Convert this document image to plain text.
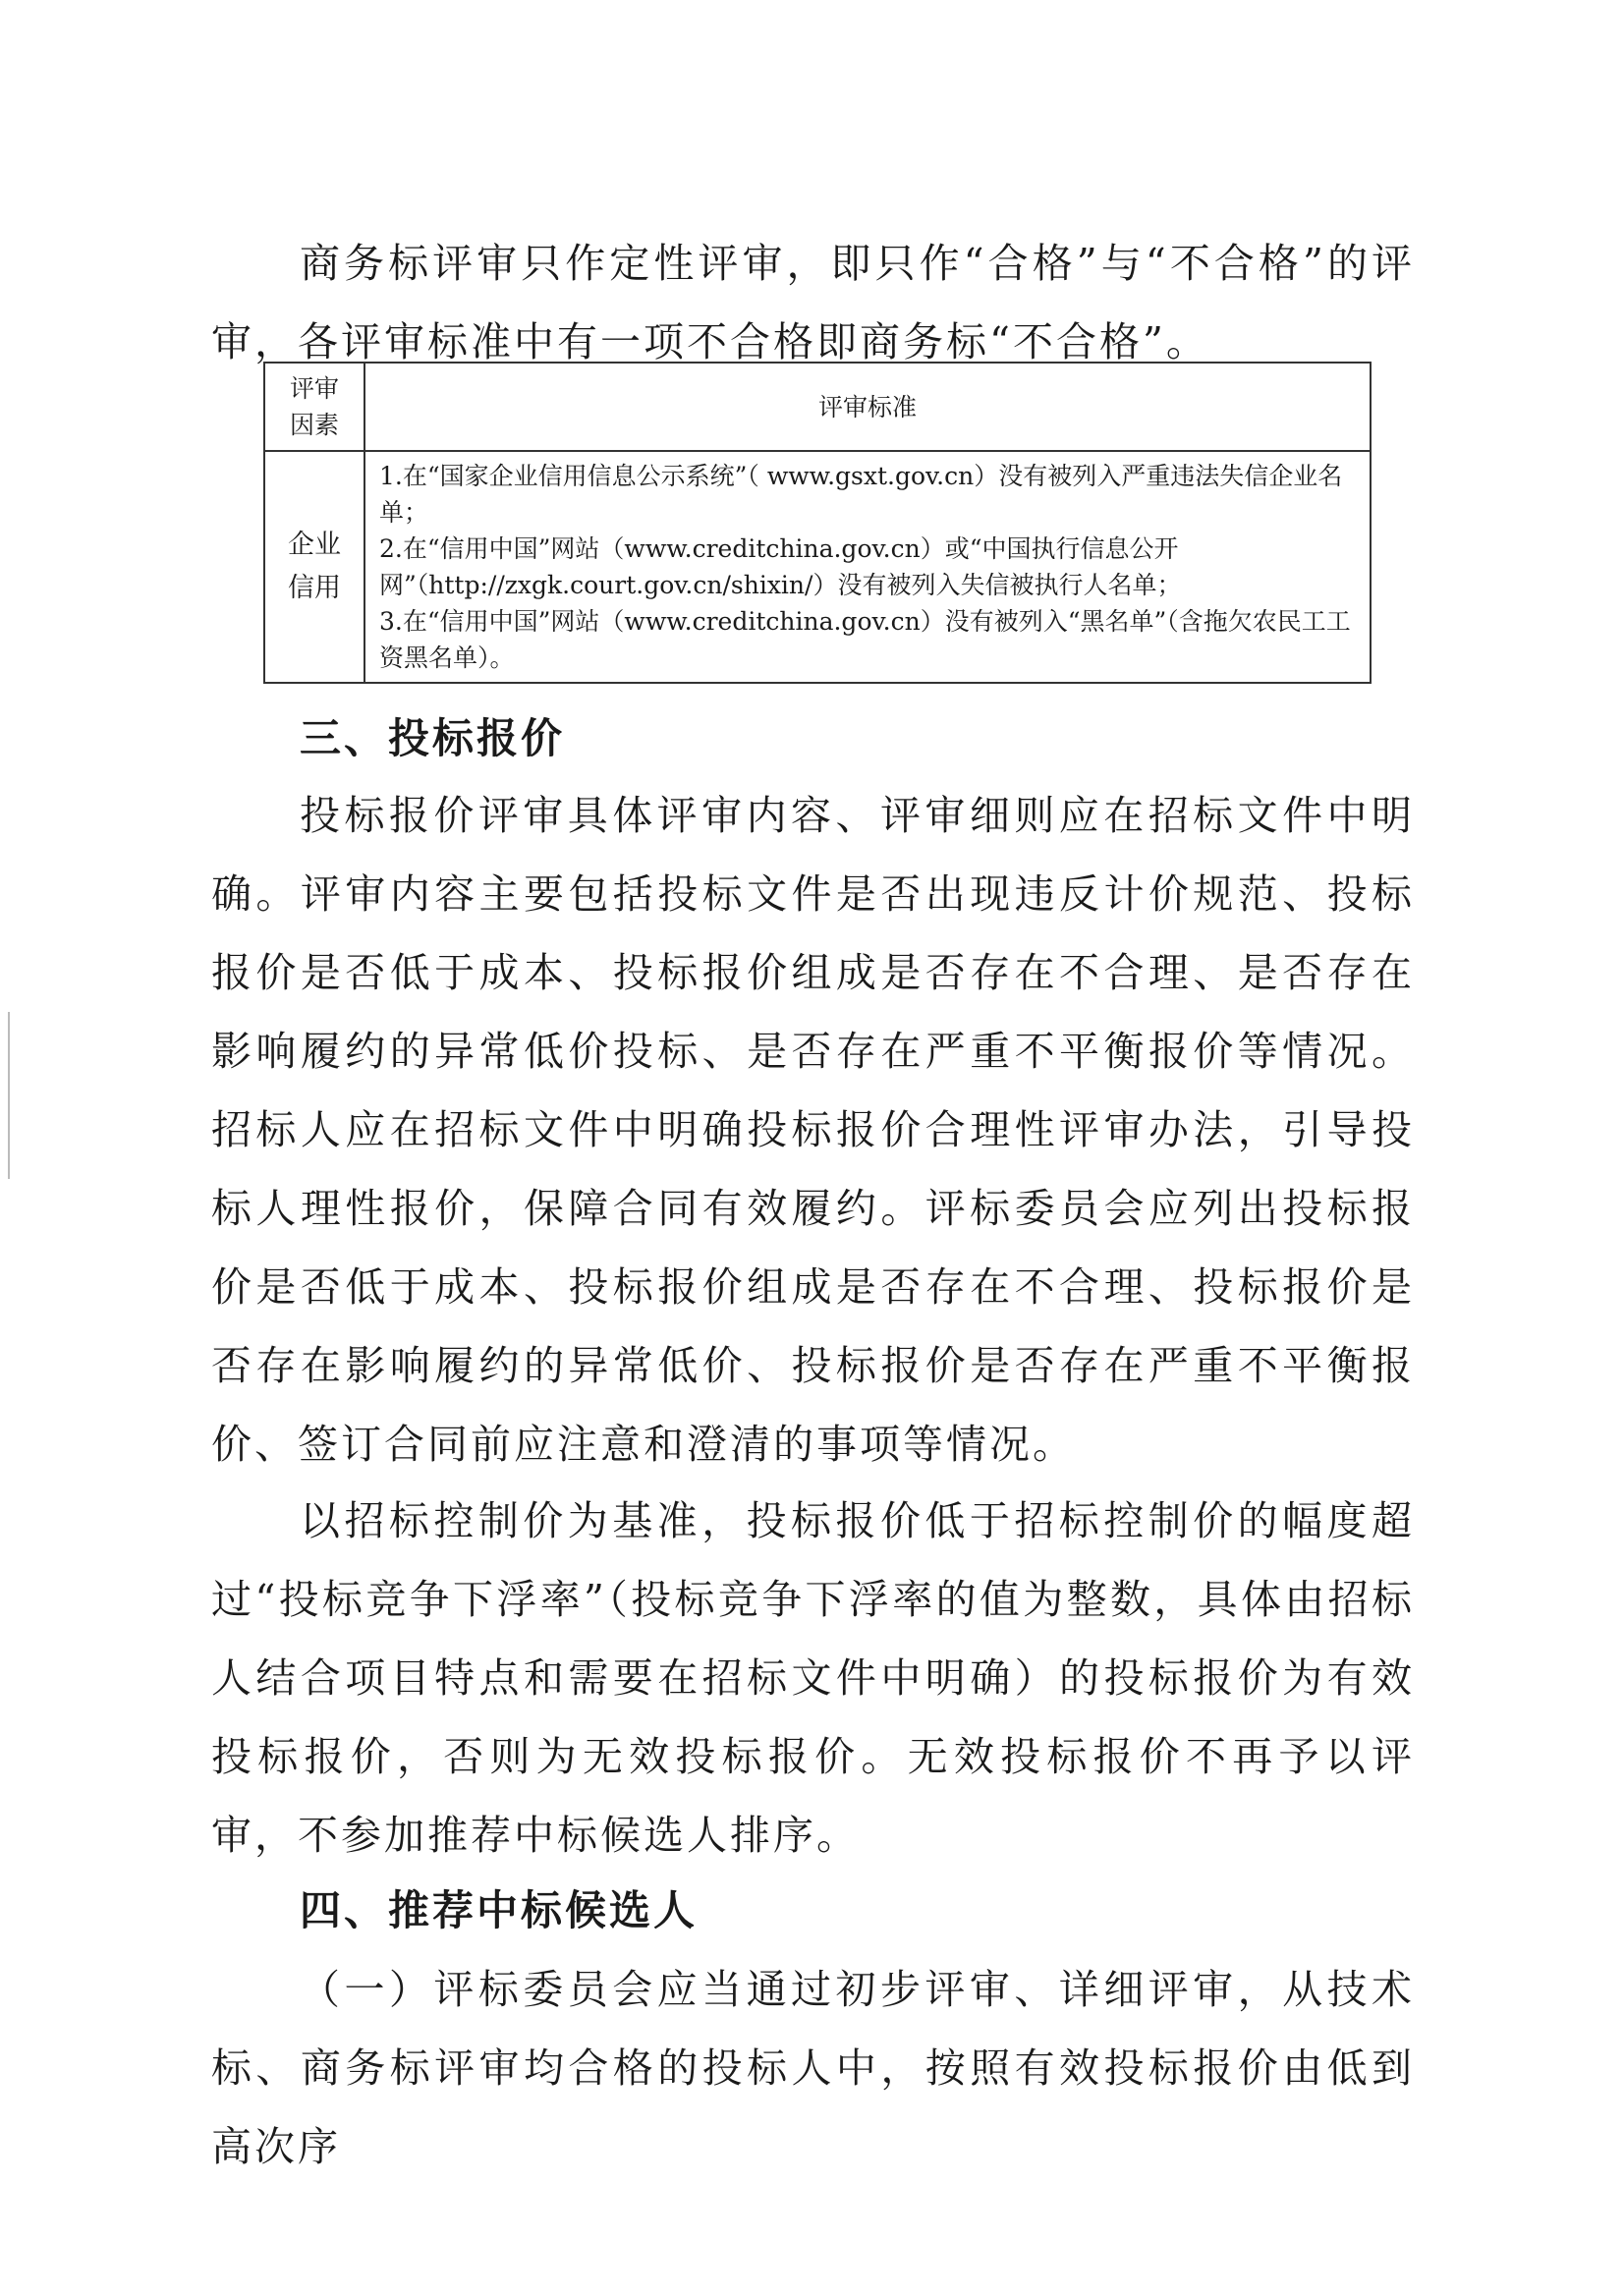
商务标评审只作定性评审，即只作“合格”与“不合格”的评审，各评审标准中有一项不合格即商务标“不合格”。

评审因素	评审标准
企业信用	1.在“国家企业信用信息公示系统”（ www.gsxt.gov.cn）没有被列入严重违法失信企业名单；
2.在“信用中国”网站（www.creditchina.gov.cn）或“中国执行信息公开网”（http://zxgk.court.gov.cn/shixin/）没有被列入失信被执行人名单；
3.在“信用中国”网站（www.creditchina.gov.cn）没有被列入“黑名单”（含拖欠农民工工资黑名单）。
三、投标报价

投标报价评审具体评审内容、评审细则应在招标文件中明确。评审内容主要包括投标文件是否出现违反计价规范、投标报价是否低于成本、投标报价组成是否存在不合理、是否存在影响履约的异常低价投标、是否存在严重不平衡报价等情况。招标人应在招标文件中明确投标报价合理性评审办法，引导投标人理性报价，保障合同有效履约。评标委员会应列出投标报价是否低于成本、投标报价组成是否存在不合理、投标报价是否存在影响履约的异常低价、投标报价是否存在严重不平衡报价、签订合同前应注意和澄清的事项等情况。

以招标控制价为基准，投标报价低于招标控制价的幅度超过“投标竞争下浮率”（投标竞争下浮率的值为整数，具体由招标人结合项目特点和需要在招标文件中明确）的投标报价为有效投标报价，否则为无效投标报价。无效投标报价不再予以评审，不参加推荐中标候选人排序。

四、推荐中标候选人

（一）评标委员会应当通过初步评审、详细评审，从技术标、商务标评审均合格的投标人中，按照有效投标报价由低到高次序
